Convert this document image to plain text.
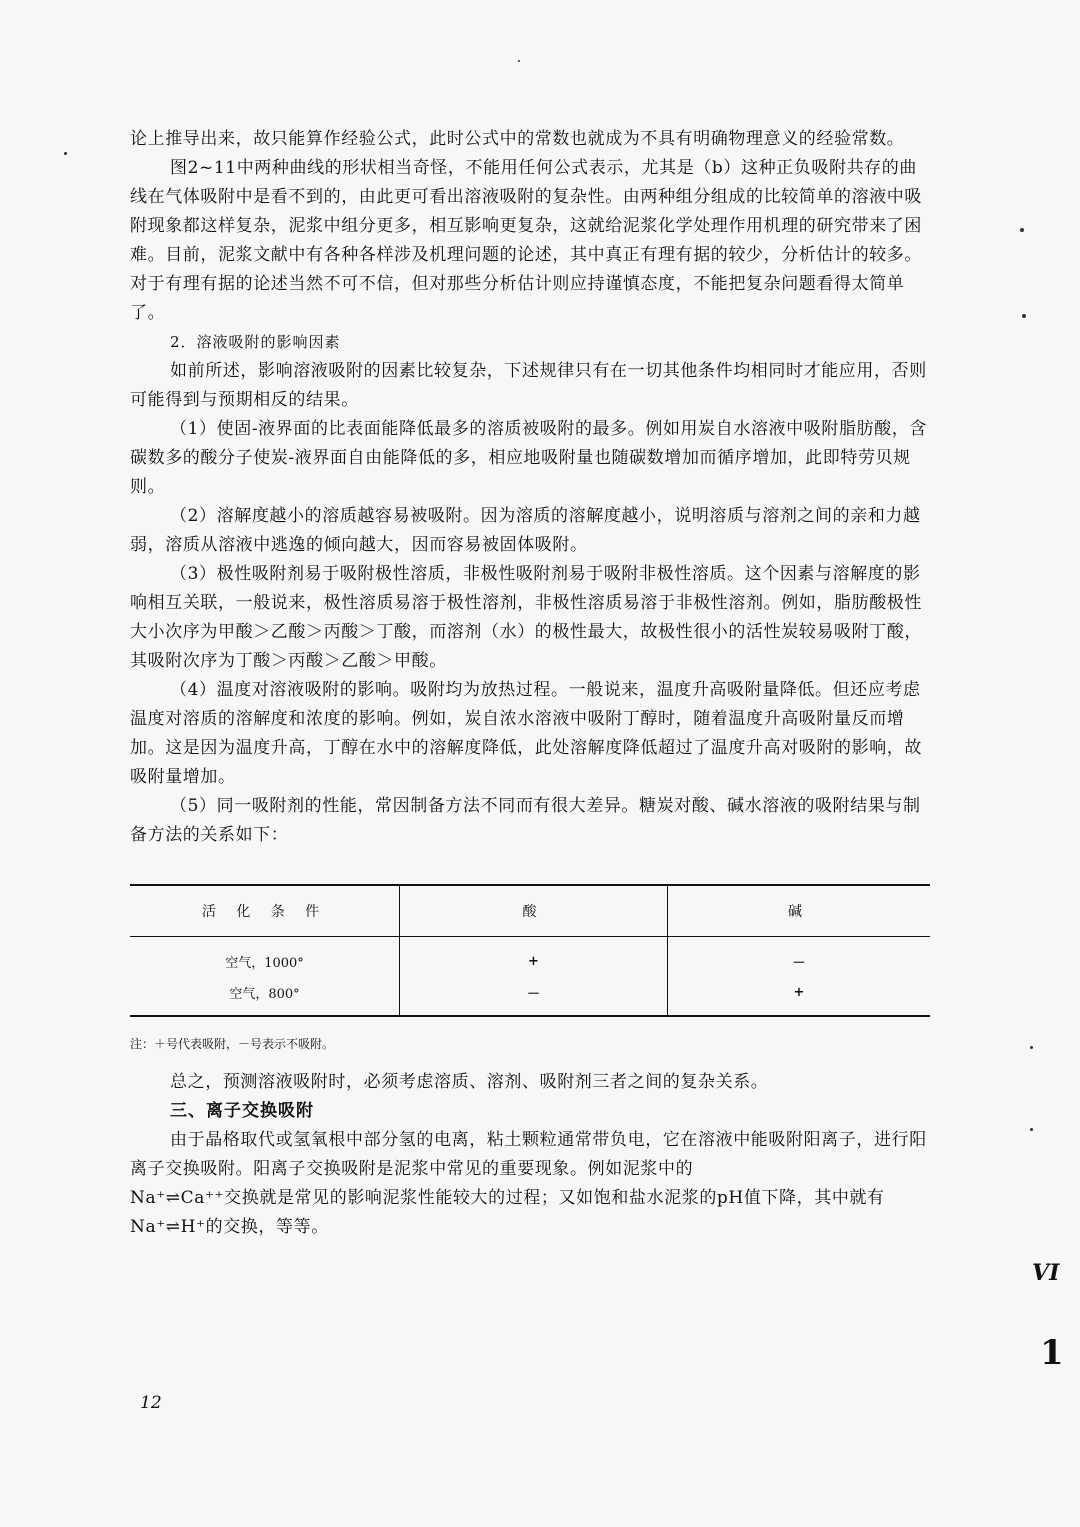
论上推导出来，故只能算作经验公式，此时公式中的常数也就成为不具有明确物理意义的经验常数。

图2~11中两种曲线的形状相当奇怪，不能用任何公式表示，尤其是（b）这种正负吸附共存的曲线在气体吸附中是看不到的，由此更可看出溶液吸附的复杂性。由两种组分组成的比较简单的溶液中吸附现象都这样复杂，泥浆中组分更多，相互影响更复杂，这就给泥浆化学处理作用机理的研究带来了困难。目前，泥浆文献中有各种各样涉及机理问题的论述，其中真正有理有据的较少，分析估计的较多。对于有理有据的论述当然不可不信，但对那些分析估计则应持谨慎态度，不能把复杂问题看得太简单了。

2．溶液吸附的影响因素

如前所述，影响溶液吸附的因素比较复杂，下述规律只有在一切其他条件均相同时才能应用，否则可能得到与预期相反的结果。

（1）使固-液界面的比表面能降低最多的溶质被吸附的最多。例如用炭自水溶液中吸附脂肪酸，含碳数多的酸分子使炭-液界面自由能降低的多，相应地吸附量也随碳数增加而循序增加，此即特劳贝规则。

（2）溶解度越小的溶质越容易被吸附。因为溶质的溶解度越小，说明溶质与溶剂之间的亲和力越弱，溶质从溶液中逃逸的倾向越大，因而容易被固体吸附。

（3）极性吸附剂易于吸附极性溶质，非极性吸附剂易于吸附非极性溶质。这个因素与溶解度的影响相互关联，一般说来，极性溶质易溶于极性溶剂，非极性溶质易溶于非极性溶剂。例如，脂肪酸极性大小次序为甲酸＞乙酸＞丙酸＞丁酸，而溶剂（水）的极性最大，故极性很小的活性炭较易吸附丁酸，其吸附次序为丁酸＞丙酸＞乙酸＞甲酸。

（4）温度对溶液吸附的影响。吸附均为放热过程。一般说来，温度升高吸附量降低。但还应考虑温度对溶质的溶解度和浓度的影响。例如，炭自浓水溶液中吸附丁醇时，随着温度升高吸附量反而增加。这是因为温度升高，丁醇在水中的溶解度降低，此处溶解度降低超过了温度升高对吸附的影响，故吸附量增加。

（5）同一吸附剂的性能，常因制备方法不同而有很大差异。糖炭对酸、碱水溶液的吸附结果与制备方法的关系如下：

活 化 条 件	酸	碱
空气，1000°	+	－
空气，800°	－	+
注：＋号代表吸附，－号表示不吸附。

总之，预测溶液吸附时，必须考虑溶质、溶剂、吸附剂三者之间的复杂关系。

三、离子交换吸附

由于晶格取代或氢氧根中部分氢的电离，粘土颗粒通常带负电，它在溶液中能吸附阳离子，进行阳离子交换吸附。阳离子交换吸附是泥浆中常见的重要现象。例如泥浆中的

Na⁺⇌Ca⁺⁺交换就是常见的影响泥浆性能较大的过程；又如饱和盐水泥浆的pH值下降，其中就有Na⁺⇌H⁺的交换，等等。

12
VI
1
